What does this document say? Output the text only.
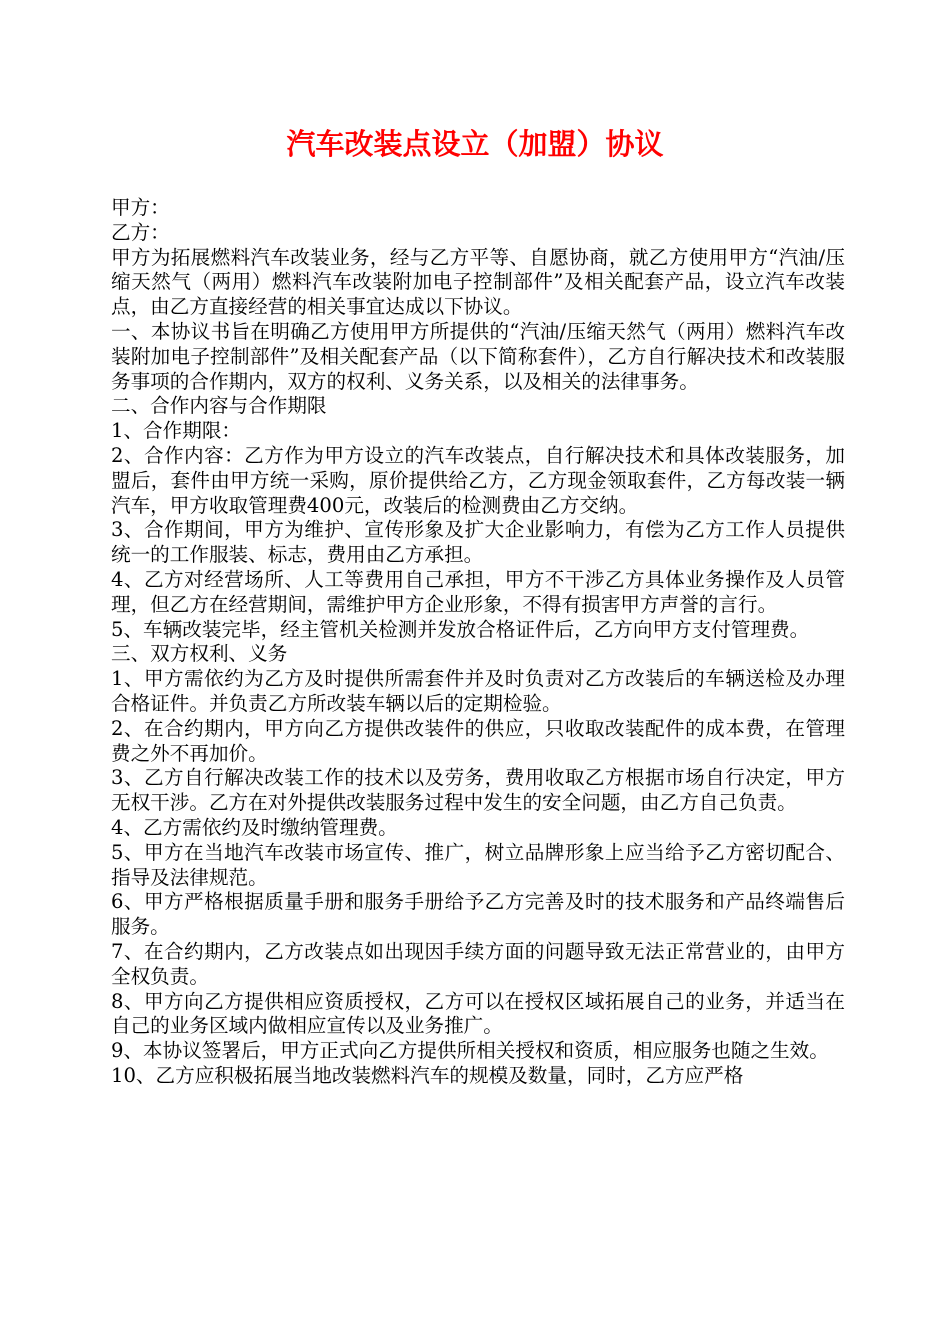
汽车改装点设立（加盟）协议

甲方：

乙方：

甲方为拓展燃料汽车改装业务，经与乙方平等、自愿协商，就乙方使用甲方“汽油/压缩天然气（两用）燃料汽车改装附加电子控制部件”及相关配套产品，设立汽车改装点，由乙方直接经营的相关事宜达成以下协议。

一、本协议书旨在明确乙方使用甲方所提供的“汽油/压缩天然气（两用）燃料汽车改装附加电子控制部件”及相关配套产品（以下简称套件），乙方自行解决技术和改装服务事项的合作期内，双方的权利、义务关系，以及相关的法律事务。

二、合作内容与合作期限

1、合作期限：

2、合作内容：乙方作为甲方设立的汽车改装点，自行解决技术和具体改装服务，加盟后，套件由甲方统一采购，原价提供给乙方，乙方现金领取套件，乙方每改装一辆汽车，甲方收取管理费400元，改装后的检测费由乙方交纳。

3、合作期间，甲方为维护、宣传形象及扩大企业影响力，有偿为乙方工作人员提供统一的工作服装、标志，费用由乙方承担。

4、乙方对经营场所、人工等费用自己承担，甲方不干涉乙方具体业务操作及人员管理，但乙方在经营期间，需维护甲方企业形象，不得有损害甲方声誉的言行。

5、车辆改装完毕，经主管机关检测并发放合格证件后，乙方向甲方支付管理费。

三、双方权利、义务

1、甲方需依约为乙方及时提供所需套件并及时负责对乙方改装后的车辆送检及办理合格证件。并负责乙方所改装车辆以后的定期检验。

2、在合约期内，甲方向乙方提供改装件的供应，只收取改装配件的成本费，在管理费之外不再加价。

3、乙方自行解决改装工作的技术以及劳务，费用收取乙方根据市场自行决定，甲方无权干涉。乙方在对外提供改装服务过程中发生的安全问题，由乙方自己负责。

4、乙方需依约及时缴纳管理费。

5、甲方在当地汽车改装市场宣传、推广，树立品牌形象上应当给予乙方密切配合、指导及法律规范。

6、甲方严格根据质量手册和服务手册给予乙方完善及时的技术服务和产品终端售后服务。

7、在合约期内，乙方改装点如出现因手续方面的问题导致无法正常营业的，由甲方全权负责。

8、甲方向乙方提供相应资质授权，乙方可以在授权区域拓展自己的业务，并适当在自己的业务区域内做相应宣传以及业务推广。

9、本协议签署后，甲方正式向乙方提供所相关授权和资质，相应服务也随之生效。

10、乙方应积极拓展当地改装燃料汽车的规模及数量，同时，乙方应严格
